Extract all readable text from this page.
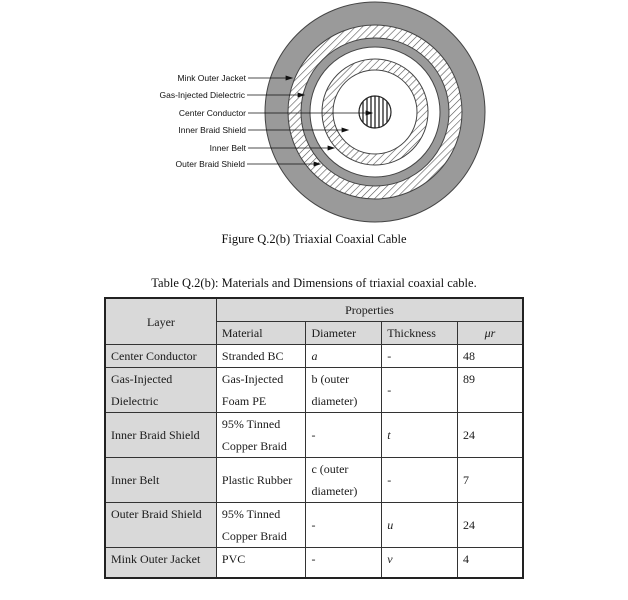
Mink Outer Jacket
Gas-Injected Dielectric
Center Conductor
Inner Braid Shield
Inner Belt
Outer Braid Shield
Figure Q.2(b) Triaxial Coaxial Cable
Table Q.2(b): Materials and Dimensions of triaxial coaxial cable.
Layer	Properties			
	Material	Diameter	Thickness	μr
Center Conductor	Stranded BC	a	-	48
Gas-Injected Dielectric	Gas-Injected Foam PE	b (outer diameter)	-	89
Inner Braid Shield	95% Tinned Copper Braid	-	t	24
Inner Belt	Plastic Rubber	c (outer diameter)	-	7
Outer Braid Shield	95% Tinned Copper Braid	-	u	24
Mink Outer Jacket	PVC	-	v	4
